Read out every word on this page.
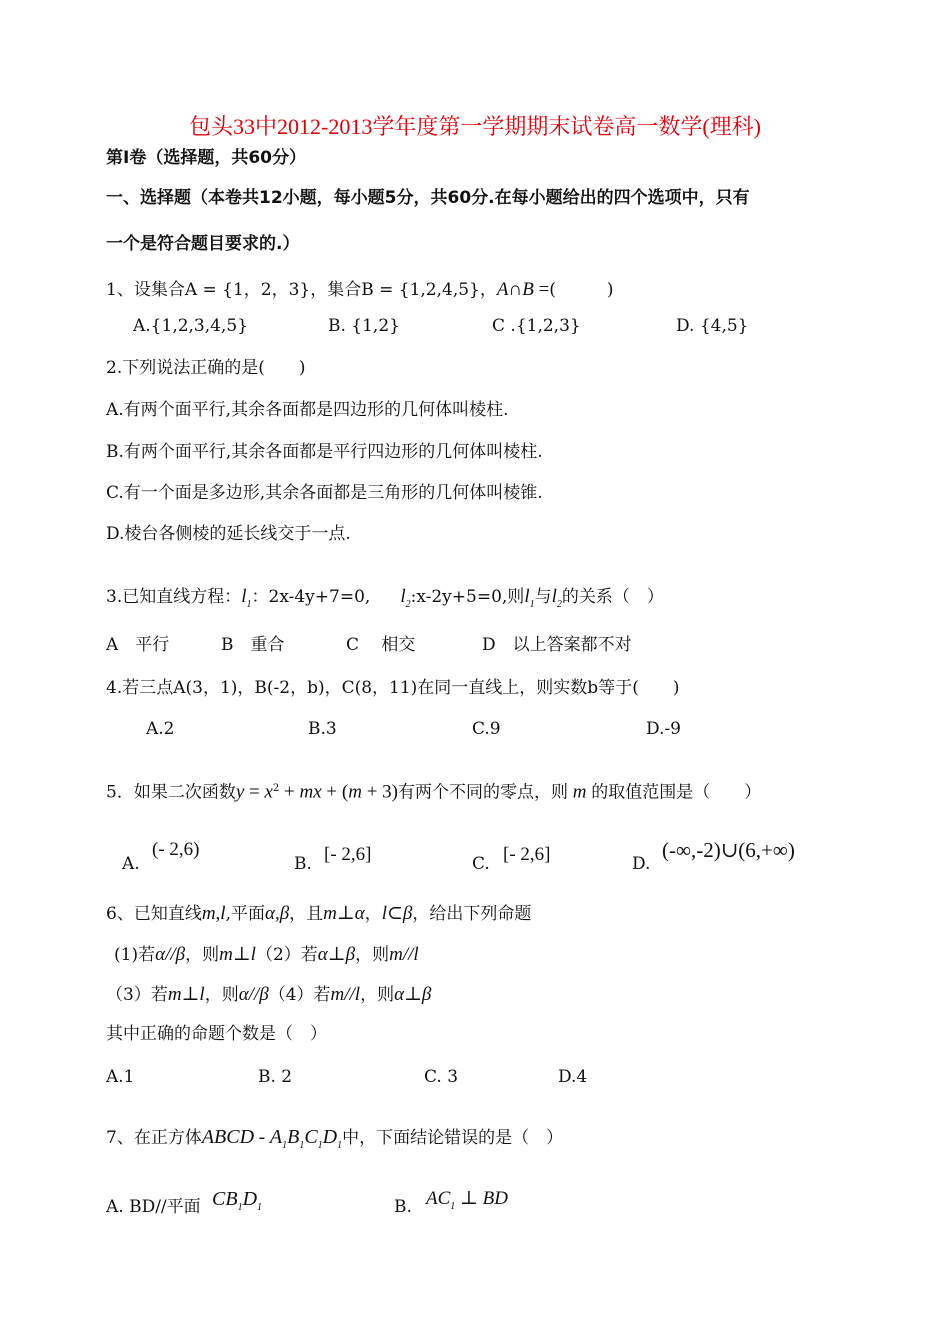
包头33中2012-2013学年度第一学期期末试卷高一数学(理科)
第Ⅰ卷（选择题，共60分）
一、选择题（本卷共12小题，每小题5分，共60分.在每小题给出的四个选项中，只有
一个是符合题目要求的.）
1、设集合A = {1，2，3}，集合B = {1,2,4,5}，A∩B =(　　　)
A.{1,2,3,4,5}	B. {1,2}	C .{1,2,3}	D. {4,5}
2.下列说法正确的是(　　)
A.有两个面平行,其余各面都是四边形的几何体叫棱柱.
B.有两个面平行,其余各面都是平行四边形的几何体叫棱柱.
C.有一个面是多边形,其余各面都是三角形的几何体叫棱锥.
D.棱台各侧棱的延长线交于一点.
3.已知直线方程：$l_1$：2x-4y+7=0, $l_2:x-2y+5=0$,则$l_1$与$l_2$的关系（　）
A　平行	B　重合	C　 相交	D　以上答案都不对
4.若三点A(3，1)，B(-2，b)，C(8，11)在同一直线上，则实数b等于(　　)
A.2	B.3	C.9	D.-9
5．如果二次函数$y = x^2$ + mx + (m + 3)有两个不同的零点，则 m 的取值范围是（　　）
A.
(- 2,6)
B. [- 2,6]	C. [- 2,6]	D.
(-∞,-2)∪(6,+∞)
6、已知直线m,l,平面α,β，且m⊥α，l⊂β，给出下列命题
(1)若α//β，则m⊥l（2）若α⊥β，则m//l
（3）若m⊥l，则α//β（4）若m//l，则α⊥β
其中正确的命题个数是（　）
A.1	B. 2	C. 3	D.4
7、在正方体ABCD - $A_1B_1C_1D_1$中，下面结论错误的是（　）
A. BD//平面 $CB_1D_1$	B. $AC_1$ ⊥ BD
